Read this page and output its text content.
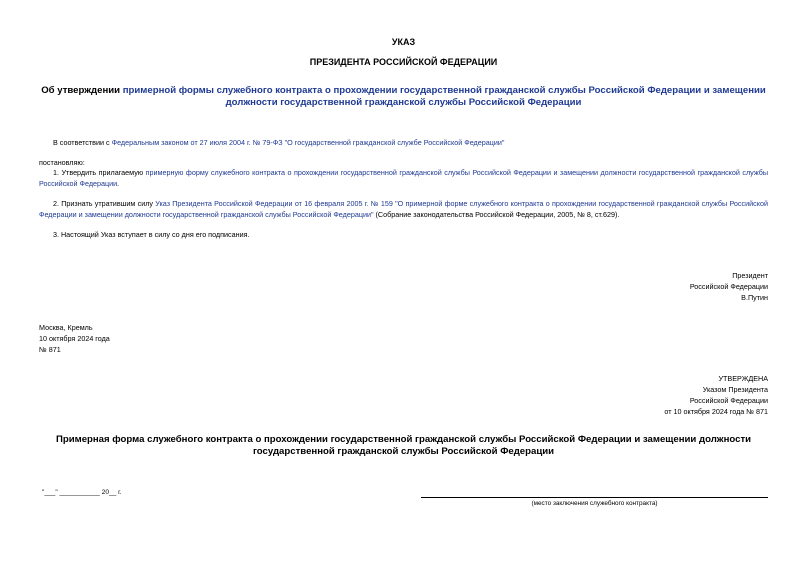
УКАЗ
ПРЕЗИДЕНТА РОССИЙСКОЙ ФЕДЕРАЦИИ
Об утверждении примерной формы служебного контракта о прохождении государственной гражданской службы Российской Федерации и замещении должности государственной гражданской службы Российской Федерации
В соответствии с Федеральным законом от 27 июля 2004 г. № 79-ФЗ "О государственной гражданской службе Российской Федерации"
постановляю:
1. Утвердить прилагаемую примерную форму служебного контракта о прохождении государственной гражданской службы Российской Федерации и замещении должности государственной гражданской службы Российской Федерации.
2. Признать утратившим силу Указ Президента Российской Федерации от 16 февраля 2005 г. № 159 "О примерной форме служебного контракта о прохождении государственной гражданской службы Российской Федерации и замещении должности государственной гражданской службы Российской Федерации" (Собрание законодательства Российской Федерации, 2005, № 8, ст.629).
3. Настоящий Указ вступает в силу со дня его подписания.
Президент
Российской Федерации
В.Путин
Москва, Кремль
10 октября 2024 года
№ 871
УТВЕРЖДЕНА
Указом Президента
Российской Федерации
от 10 октября 2024 года № 871
Примерная форма служебного контракта о прохождении государственной гражданской службы Российской Федерации и замещении должности государственной гражданской службы Российской Федерации
"___" ___________ 20__ г.
(место заключения служебного контракта)
